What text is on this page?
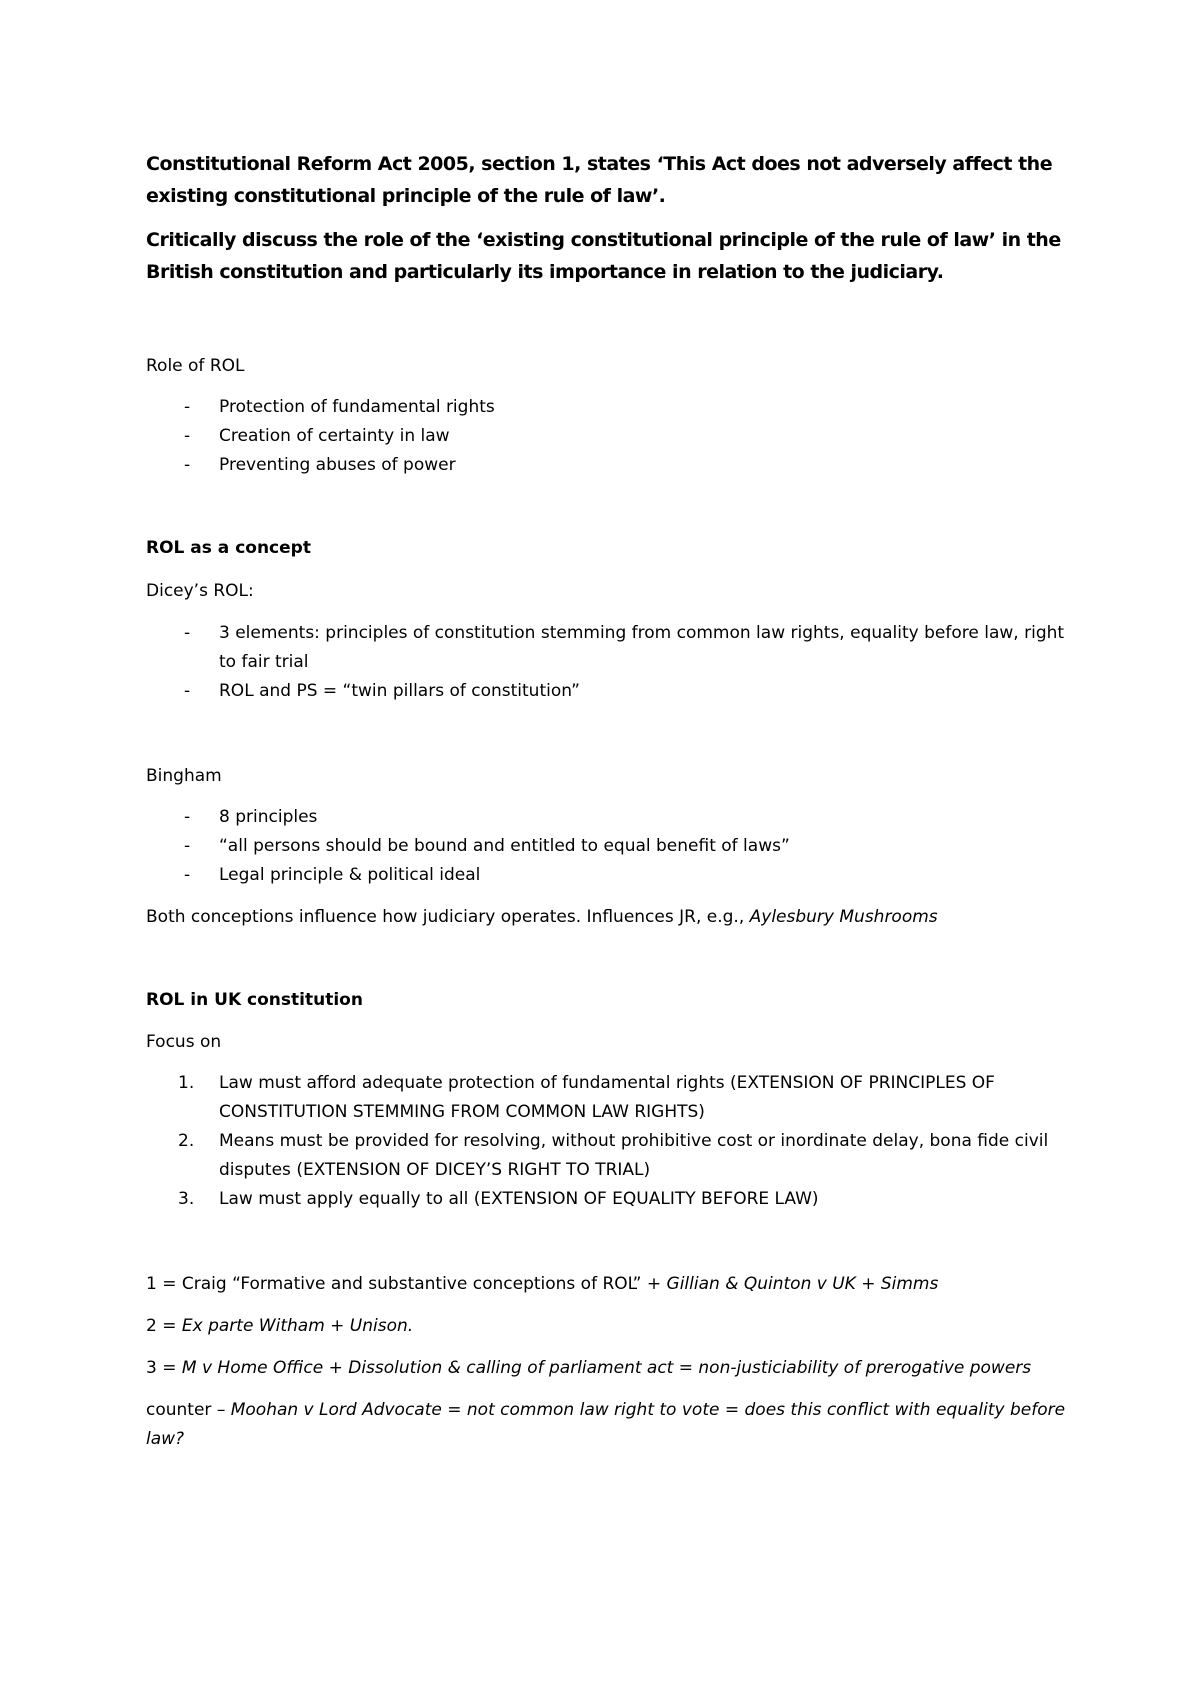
Constitutional Reform Act 2005, section 1, states ‘This Act does not adversely affect the existing constitutional principle of the rule of law’.

Critically discuss the role of the ‘existing constitutional principle of the rule of law’ in the British constitution and particularly its importance in relation to the judiciary.

Role of ROL

- Protection of fundamental rights
- Creation of certainty in law
- Preventing abuses of power

ROL as a concept

Dicey’s ROL:

- 3 elements: principles of constitution stemming from common law rights, equality before law, right to fair trial
- ROL and PS = “twin pillars of constitution”

Bingham

- 8 principles
- “all persons should be bound and entitled to equal benefit of laws”
- Legal principle & political ideal

Both conceptions influence how judiciary operates. Influences JR, e.g., Aylesbury Mushrooms

ROL in UK constitution

Focus on

1. Law must afford adequate protection of fundamental rights (EXTENSION OF PRINCIPLES OF CONSTITUTION STEMMING FROM COMMON LAW RIGHTS)
2. Means must be provided for resolving, without prohibitive cost or inordinate delay, bona fide civil disputes (EXTENSION OF DICEY’S RIGHT TO TRIAL)
3. Law must apply equally to all (EXTENSION OF EQUALITY BEFORE LAW)

1 = Craig “Formative and substantive conceptions of ROL” + Gillian & Quinton v UK + Simms

2 = Ex parte Witham + Unison.

3 = M v Home Office + Dissolution & calling of parliament act = non-justiciability of prerogative powers

counter – Moohan v Lord Advocate = not common law right to vote = does this conflict with equality before law?
